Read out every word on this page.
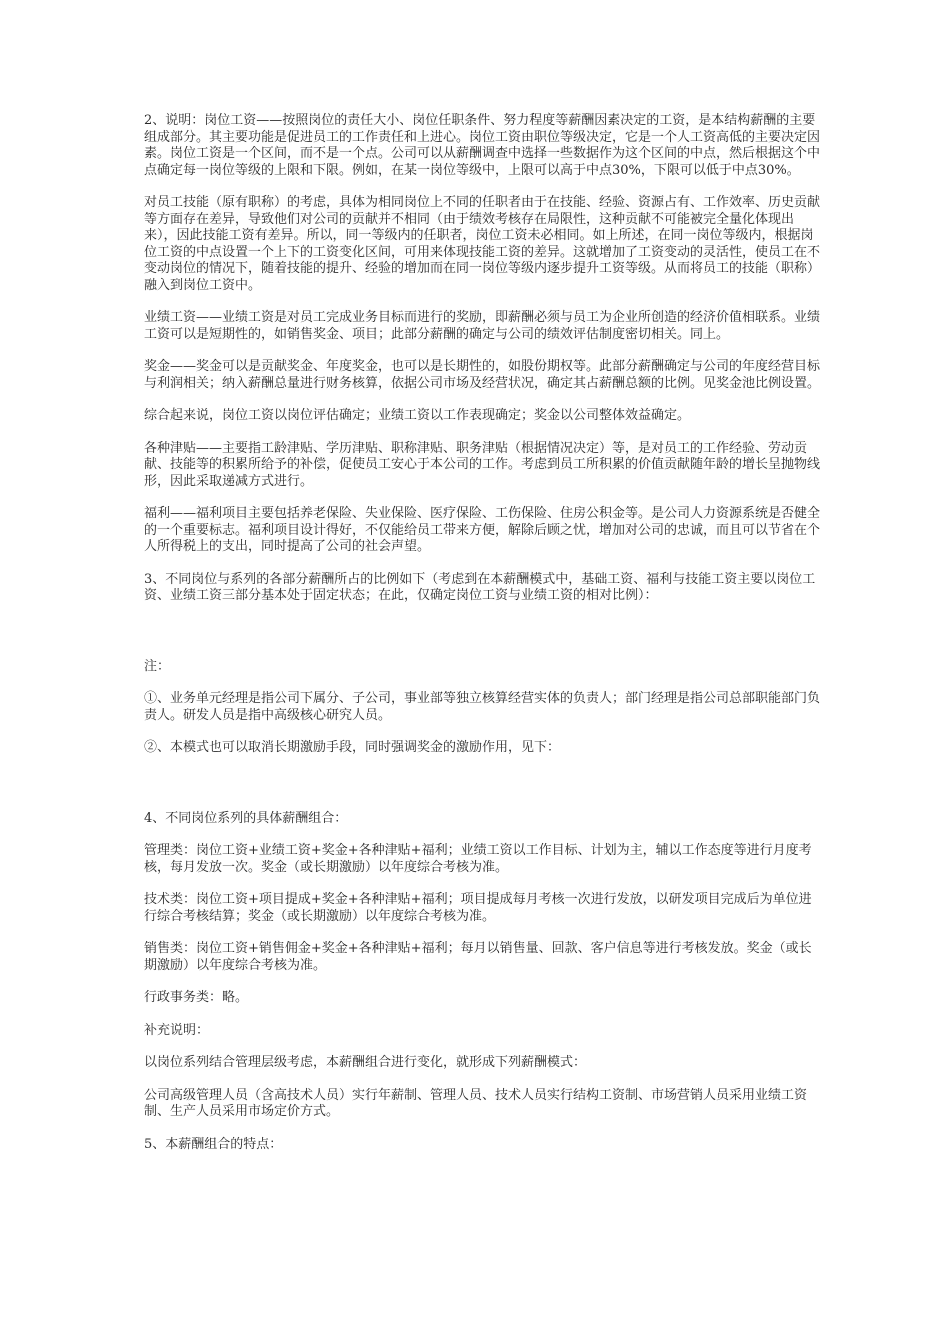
2、说明：岗位工资——按照岗位的责任大小、岗位任职条件、努力程度等薪酬因素决定的工资，是本结构薪酬的主要组成部分。其主要功能是促进员工的工作责任和上进心。岗位工资由职位等级决定，它是一个人工资高低的主要决定因素。岗位工资是一个区间，而不是一个点。公司可以从薪酬调查中选择一些数据作为这个区间的中点，然后根据这个中点确定每一岗位等级的上限和下限。例如，在某一岗位等级中，上限可以高于中点30%，下限可以低于中点30%。

对员工技能（原有职称）的考虑，具体为相同岗位上不同的任职者由于在技能、经验、资源占有、工作效率、历史贡献等方面存在差异，导致他们对公司的贡献并不相同（由于绩效考核存在局限性，这种贡献不可能被完全量化体现出来），因此技能工资有差异。所以，同一等级内的任职者，岗位工资未必相同。如上所述，在同一岗位等级内，根据岗位工资的中点设置一个上下的工资变化区间，可用来体现技能工资的差异。这就增加了工资变动的灵活性，使员工在不变动岗位的情况下，随着技能的提升、经验的增加而在同一岗位等级内逐步提升工资等级。从而将员工的技能（职称）融入到岗位工资中。

业绩工资——业绩工资是对员工完成业务目标而进行的奖励，即薪酬必须与员工为企业所创造的经济价值相联系。业绩工资可以是短期性的，如销售奖金、项目；此部分薪酬的确定与公司的绩效评估制度密切相关。同上。

奖金——奖金可以是贡献奖金、年度奖金，也可以是长期性的，如股份期权等。此部分薪酬确定与公司的年度经营目标与利润相关；纳入薪酬总量进行财务核算，依据公司市场及经营状况，确定其占薪酬总额的比例。见奖金池比例设置。

综合起来说，岗位工资以岗位评估确定；业绩工资以工作表现确定；奖金以公司整体效益确定。

各种津贴——主要指工龄津贴、学历津贴、职称津贴、职务津贴（根据情况决定）等，是对员工的工作经验、劳动贡献、技能等的积累所给予的补偿，促使员工安心于本公司的工作。考虑到员工所积累的价值贡献随年龄的增长呈抛物线形，因此采取递减方式进行。

福利——福利项目主要包括养老保险、失业保险、医疗保险、工伤保险、住房公积金等。是公司人力资源系统是否健全的一个重要标志。福利项目设计得好，不仅能给员工带来方便，解除后顾之忧，增加对公司的忠诚，而且可以节省在个人所得税上的支出，同时提高了公司的社会声望。

3、不同岗位与系列的各部分薪酬所占的比例如下（考虑到在本薪酬模式中，基础工资、福利与技能工资主要以岗位工资、业绩工资三部分基本处于固定状态；在此，仅确定岗位工资与业绩工资的相对比例）：

注：

①、业务单元经理是指公司下属分、子公司，事业部等独立核算经营实体的负责人；部门经理是指公司总部职能部门负责人。研发人员是指中高级核心研究人员。

②、本模式也可以取消长期激励手段，同时强调奖金的激励作用，见下：

4、不同岗位系列的具体薪酬组合：

管理类：岗位工资+业绩工资+奖金+各种津贴+福利；业绩工资以工作目标、计划为主，辅以工作态度等进行月度考核，每月发放一次。奖金（或长期激励）以年度综合考核为准。

技术类：岗位工资+项目提成+奖金+各种津贴+福利；项目提成每月考核一次进行发放，以研发项目完成后为单位进行综合考核结算；奖金（或长期激励）以年度综合考核为准。

销售类：岗位工资+销售佣金+奖金+各种津贴+福利；每月以销售量、回款、客户信息等进行考核发放。奖金（或长期激励）以年度综合考核为准。

行政事务类：略。

补充说明：

以岗位系列结合管理层级考虑，本薪酬组合进行变化，就形成下列薪酬模式：

公司高级管理人员（含高技术人员）实行年薪制、管理人员、技术人员实行结构工资制、市场营销人员采用业绩工资制、生产人员采用市场定价方式。

5、本薪酬组合的特点：
